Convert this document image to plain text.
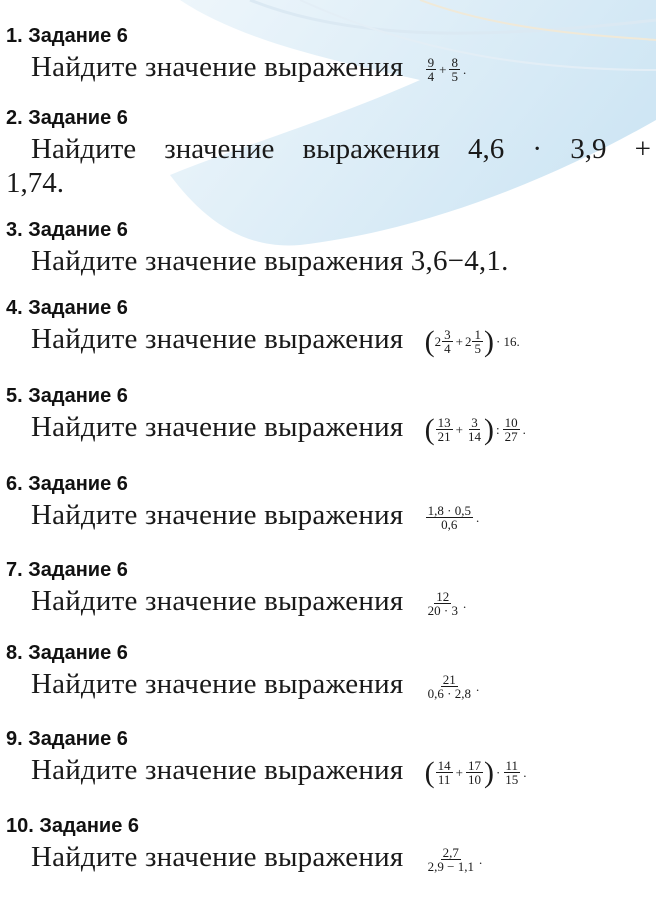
1. Задание 6
Найдите значение выражения $\frac{9}{4} + \frac{8}{5}$ .
2. Задание 6
Найдите значение выражения 4,6 · 3,9 +
1,74.
3. Задание 6
Найдите значение выражения 3,6−4,1.
4. Задание 6
Найдите значение выражения ( $2 \frac{3}{4} + 2 \frac{1}{5}$ ) · 16.
5. Задание 6
Найдите значение выражения ( $\frac{13}{21} + \frac{3}{14}$ ) : $\frac{10}{27}$ .
6. Задание 6
Найдите значение выражения $\frac{1,8 \cdot 0,5}{0,6}$ .
7. Задание 6
Найдите значение выражения $\frac{12}{20 \cdot 3}$ .
8. Задание 6
Найдите значение выражения $\frac{21}{0,6 \cdot 2,8}$ .
9. Задание 6
Найдите значение выражения ( $\frac{14}{11} + \frac{17}{10}$ ) · $\frac{11}{15}$ .
10. Задание 6
Найдите значение выражения $\frac{2,7}{2,9 - 1,1}$ .
